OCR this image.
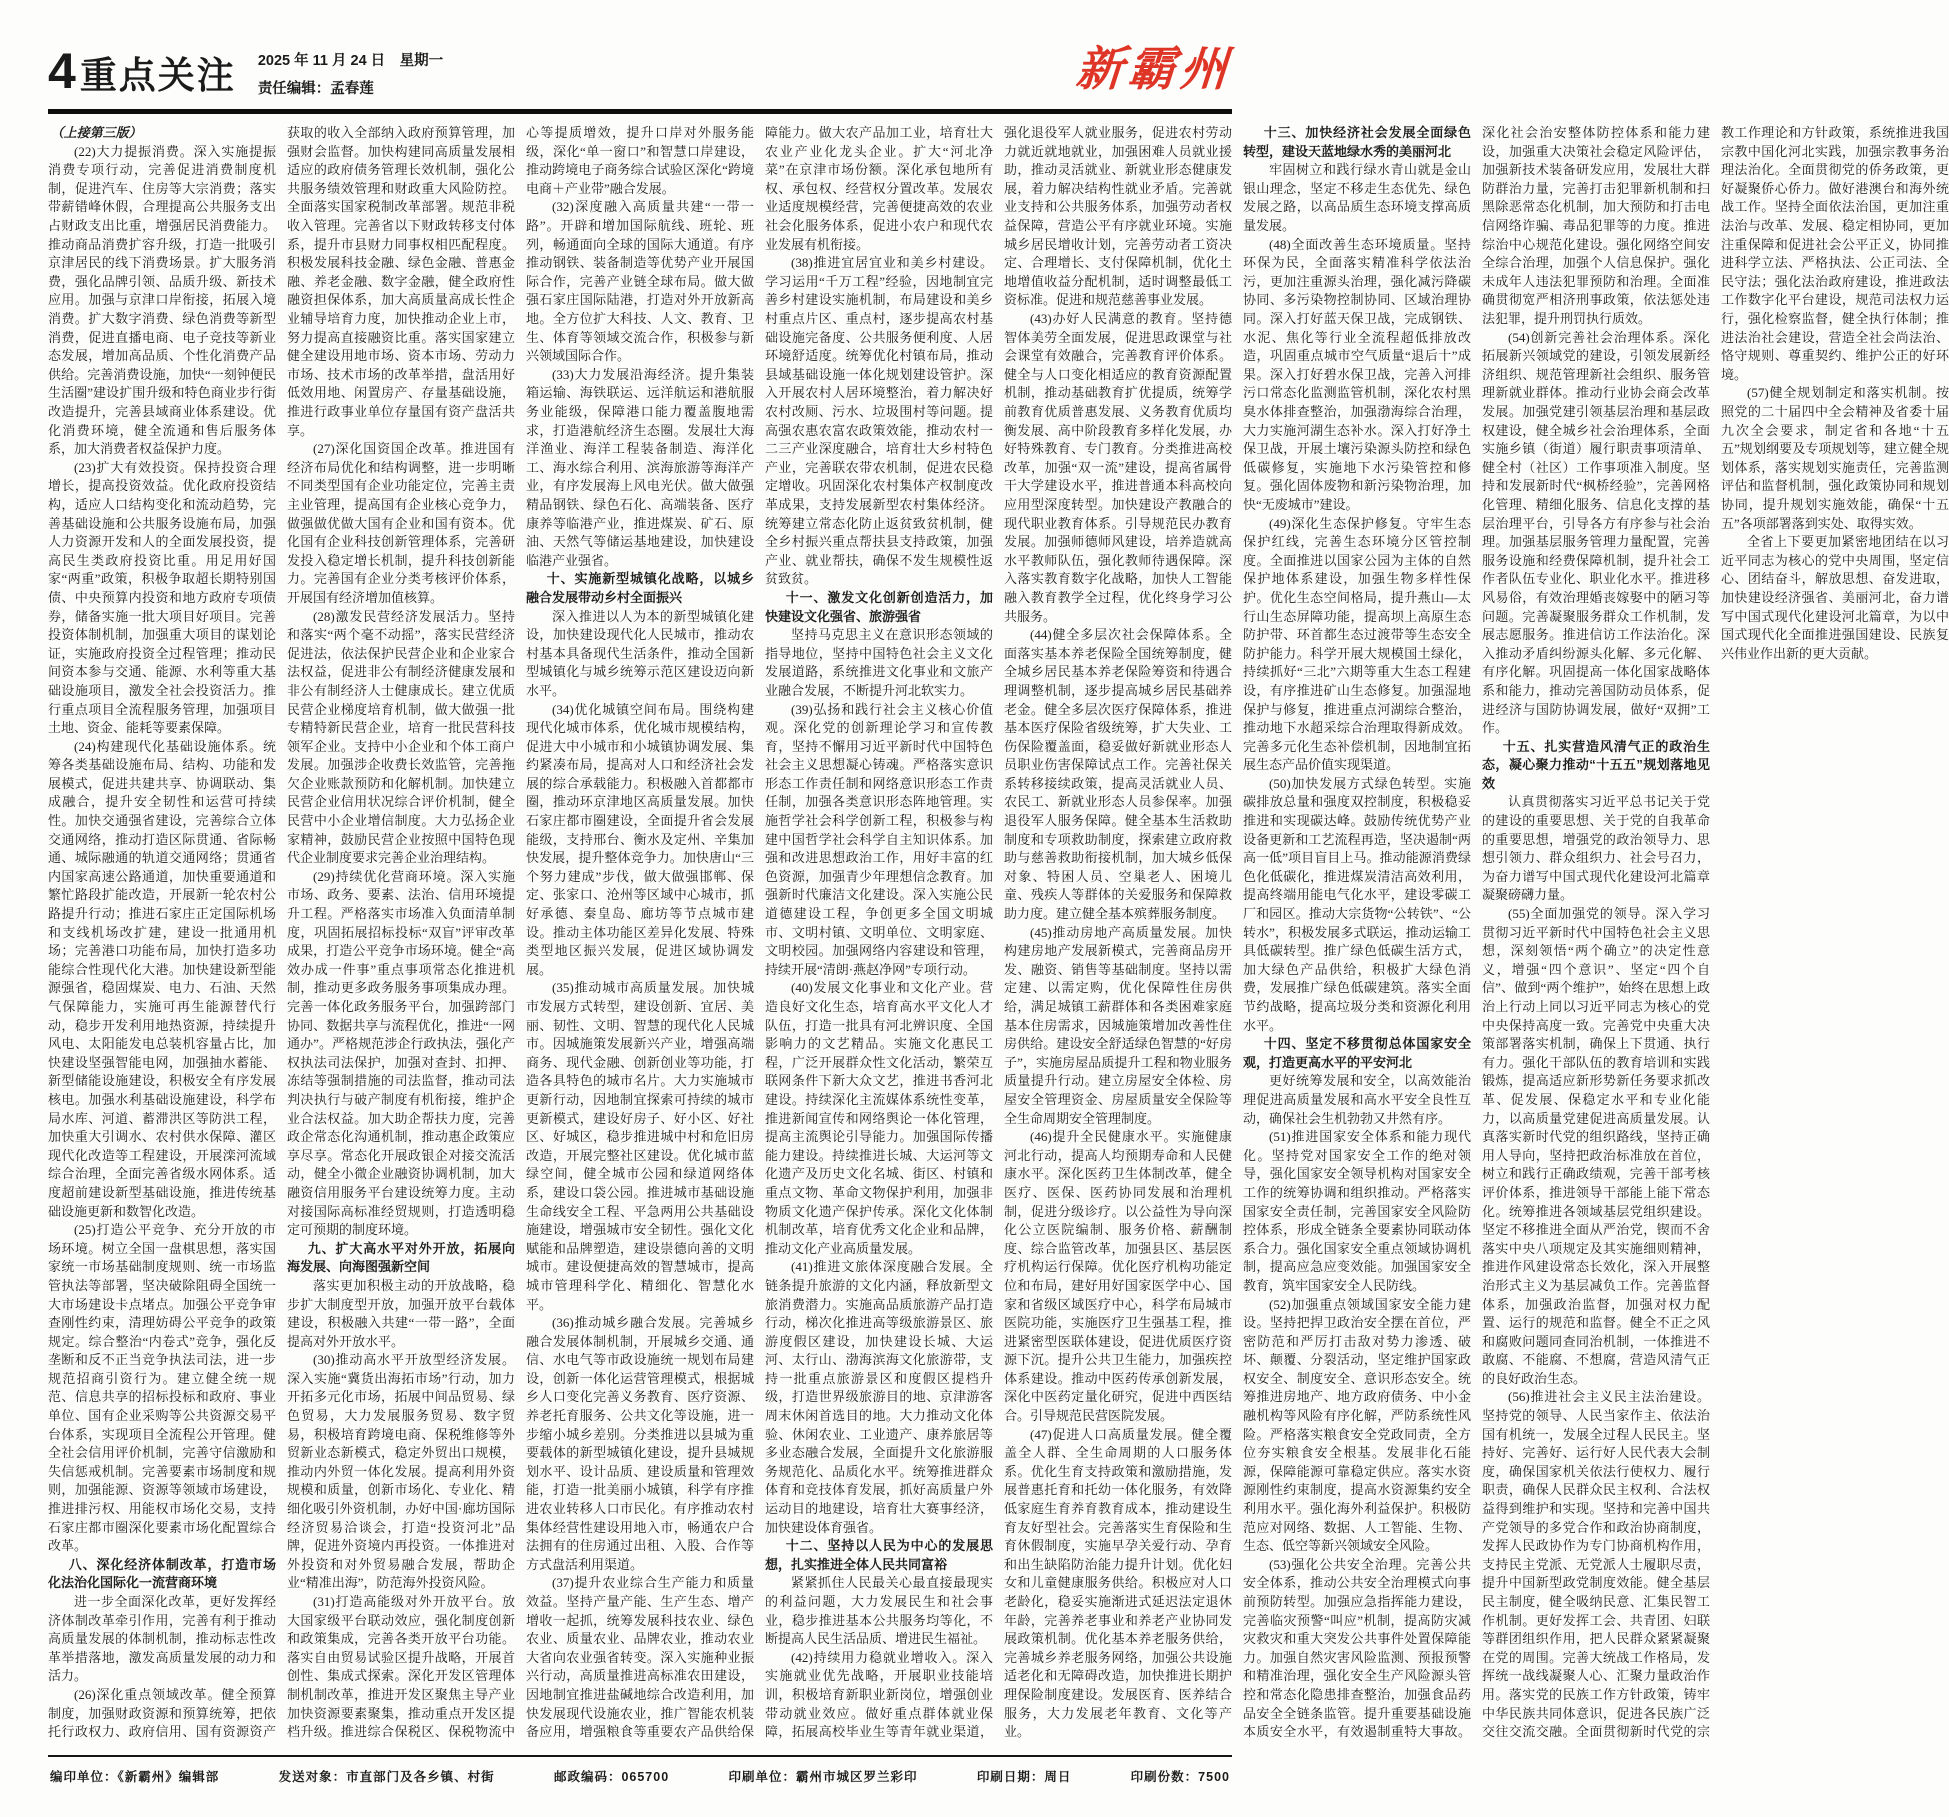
4 重点关注 2025 年 11 月 24 日　星期一
责任编辑：孟春莲	新霸州

（上接第三版）

(22)大力提振消费。深入实施提振消费专项行动，完善促进消费制度机制，促进汽车、住房等大宗消费；落实带薪错峰休假，合理提高公共服务支出占财政支出比重，增强居民消费能力。推动商品消费扩容升级，打造一批吸引京津居民的线下消费场景。扩大服务消费，强化品牌引领、品质升级、新技术应用。加强与京津口岸衔接，拓展入境消费。扩大数字消费、绿色消费等新型消费，促进直播电商、电子竞技等新业态发展，增加高品质、个性化消费产品供给。完善消费设施，加快“一刻钟便民生活圈”建设扩围升级和特色商业步行街改造提升，完善县域商业体系建设。优化消费环境，健全流通和售后服务体系，加大消费者权益保护力度。

(23)扩大有效投资。保持投资合理增长，提高投资效益。优化政府投资结构，适应人口结构变化和流动趋势，完善基础设施和公共服务设施布局，加强人力资源开发和人的全面发展投资，提高民生类政府投资比重。用足用好国家“两重”政策，积极争取超长期特别国债、中央预算内投资和地方政府专项债券，储备实施一批大项目好项目。完善投资体制机制，加强重大项目的谋划论证，实施政府投资全过程管理；推动民间资本参与交通、能源、水利等重大基础设施项目，激发全社会投资活力。推行重点项目全流程服务管理，加强项目土地、资金、能耗等要素保障。

(24)构建现代化基础设施体系。统筹各类基础设施布局、结构、功能和发展模式，促进共建共享、协调联动、集成融合，提升安全韧性和运营可持续性。加快交通强省建设，完善综合立体交通网络，推动打造区际贯通、省际畅通、城际融通的轨道交通网络；贯通省内国家高速公路通道，加快重要通道和繁忙路段扩能改造，开展新一轮农村公路提升行动；推进石家庄正定国际机场和支线机场改扩建，建设一批通用机场；完善港口功能布局，加快打造多功能综合性现代化大港。加快建设新型能源强省，稳固煤炭、电力、石油、天然气保障能力，实施可再生能源替代行动，稳步开发利用地热资源，持续提升风电、太阳能发电总装机容量占比，加快建设坚强智能电网，加强抽水蓄能、新型储能设施建设，积极安全有序发展核电。加强水利基础设施建设，科学布局水库、河道、蓄滞洪区等防洪工程，加快重大引调水、农村供水保障、灌区现代化改造等工程建设，开展滦河流域综合治理，全面完善省级水网体系。适度超前建设新型基础设施，推进传统基础设施更新和数智化改造。

(25)打造公平竞争、充分开放的市场环境。树立全国一盘棋思想，落实国家统一市场基础制度规则、统一市场监管执法等部署，坚决破除阻碍全国统一大市场建设卡点堵点。加强公平竞争审查刚性约束，清理妨碍公平竞争的政策规定。综合整治“内卷式”竞争，强化反垄断和反不正当竞争执法司法，进一步规范招商引资行为。建立健全统一规范、信息共享的招标投标和政府、事业单位、国有企业采购等公共资源交易平台体系，实现项目全流程公开管理。健全社会信用评价机制，完善守信激励和失信惩戒机制。完善要素市场制度和规则，加强能源、资源等领域市场建设，推进排污权、用能权市场化交易，支持石家庄都市圈深化要素市场化配置综合改革。

八、深化经济体制改革，打造市场化法治化国际化一流营商环境

进一步全面深化改革，更好发挥经济体制改革牵引作用，完善有利于推动高质量发展的体制机制，推动标志性改革举措落地，激发高质量发展的动力和活力。

(26)深化重点领域改革。健全预算制度，加强财政资源和预算统筹，把依托行政权力、政府信用、国有资源资产获取的收入全部纳入政府预算管理，加强财会监督。加快构建同高质量发展相适应的政府债务管理长效机制，强化公共服务绩效管理和财政重大风险防控。全面落实国家税制改革部署。规范非税收入管理。完善省以下财政转移支付体系，提升市县财力同事权相匹配程度。积极发展科技金融、绿色金融、普惠金融、养老金融、数字金融，健全政府性融资担保体系，加大高质量高成长性企业辅导培育力度，加快推动企业上市，努力提高直接融资比重。落实国家建立健全建设用地市场、资本市场、劳动力市场、技术市场的改革举措，盘活用好低效用地、闲置房产、存量基础设施，推进行政事业单位存量国有资产盘活共享。

(27)深化国资国企改革。推进国有经济布局优化和结构调整，进一步明晰不同类型国有企业功能定位，完善主责主业管理，提高国有企业核心竞争力，做强做优做大国有企业和国有资本。优化国有企业科技创新管理体系，完善研发投入稳定增长机制，提升科技创新能力。完善国有企业分类考核评价体系，开展国有经济增加值核算。

(28)激发民营经济发展活力。坚持和落实“两个毫不动摇”，落实民营经济促进法，依法保护民营企业和企业家合法权益，促进非公有制经济健康发展和非公有制经济人士健康成长。建立优质民营企业梯度培育机制，做大做强一批专精特新民营企业，培育一批民营科技领军企业。支持中小企业和个体工商户发展。加强涉企收费长效监管，完善拖欠企业账款预防和化解机制。加快建立民营企业信用状况综合评价机制，健全民营中小企业增信制度。大力弘扬企业家精神，鼓励民营企业按照中国特色现代企业制度要求完善企业治理结构。

(29)持续优化营商环境。深入实施市场、政务、要素、法治、信用环境提升工程。严格落实市场准入负面清单制度，巩固拓展招标投标“双盲”评审改革成果，打造公平竞争市场环境。健全“高效办成一件事”重点事项常态化推进机制，推动更多政务服务事项集成办理。完善一体化政务服务平台，加强跨部门协同、数据共享与流程优化，推进“一网通办”。严格规范涉企行政执法，强化产权执法司法保护，加强对查封、扣押、冻结等强制措施的司法监督，推动司法判决执行与破产制度有机衔接，维护企业合法权益。加大助企帮扶力度，完善政企常态化沟通机制，推动惠企政策应享尽享。常态化开展政银企对接交流活动，健全小微企业融资协调机制，加大融资信用服务平台建设统筹力度。主动对接国际高标准经贸规则，打造透明稳定可预期的制度环境。

九、扩大高水平对外开放，拓展向海发展、向海图强新空间

落实更加积极主动的开放战略，稳步扩大制度型开放，加强开放平台载体建设，积极融入共建“一带一路”，全面提高对外开放水平。

(30)推动高水平开放型经济发展。深入实施“冀货出海拓市场”行动，加力开拓多元化市场，拓展中间品贸易、绿色贸易，大力发展服务贸易、数字贸易，积极培育跨境电商、保税维修等外贸新业态新模式，稳定外贸出口规模，推动内外贸一体化发展。提高利用外资规模和质量，创新市场化、专业化、精细化吸引外资机制，办好中国·廊坊国际经济贸易洽谈会，打造“投资河北”品牌，促进外资境内再投资。一体推进对外投资和对外贸易融合发展，帮助企业“精准出海”，防范海外投资风险。

(31)打造高能级对外开放平台。放大国家级平台联动效应，强化制度创新和政策集成，完善各类开放平台功能。落实自由贸易试验区提升战略，开展首创性、集成式探索。深化开发区管理体制机制改革，推进开发区聚焦主导产业加快资源要素聚集，推动重点开发区提档升级。推进综合保税区、保税物流中心等提质增效，提升口岸对外服务能级，深化“单一窗口”和智慧口岸建设，推动跨境电子商务综合试验区深化“跨境电商＋产业带”融合发展。

(32)深度融入高质量共建“一带一路”。开辟和增加国际航线、班轮、班列，畅通面向全球的国际大通道。有序推动钢铁、装备制造等优势产业开展国际合作，完善产业链全球布局。做大做强石家庄国际陆港，打造对外开放新高地。全方位扩大科技、人文、教育、卫生、体育等领域交流合作，积极参与新兴领域国际合作。

(33)大力发展沿海经济。提升集装箱运输、海铁联运、远洋航运和港航服务业能级，保障港口能力覆盖腹地需求，打造港航经济生态圈。发展壮大海洋渔业、海洋工程装备制造、海洋化工、海水综合利用、滨海旅游等海洋产业，有序发展海上风电光伏。做大做强精品钢铁、绿色石化、高端装备、医疗康养等临港产业，推进煤炭、矿石、原油、天然气等储运基地建设，加快建设临港产业强省。

十、实施新型城镇化战略，以城乡融合发展带动乡村全面振兴

深入推进以人为本的新型城镇化建设，加快建设现代化人民城市，推动农村基本具备现代生活条件，推动全国新型城镇化与城乡统筹示范区建设迈向新水平。

(34)优化城镇空间布局。围绕构建现代化城市体系，优化城市规模结构，促进大中小城市和小城镇协调发展、集约紧凑布局，提高对人口和经济社会发展的综合承载能力。积极融入首都都市圈，推动环京津地区高质量发展。加快石家庄都市圈建设，全面提升省会发展能级，支持邢台、衡水及定州、辛集加快发展，提升整体竞争力。加快唐山“三个努力建成”步伐，做大做强邯郸、保定、张家口、沧州等区域中心城市，抓好承德、秦皇岛、廊坊等节点城市建设。推动主体功能区差异化发展、特殊类型地区振兴发展，促进区域协调发展。

(35)推动城市高质量发展。加快城市发展方式转型，建设创新、宜居、美丽、韧性、文明、智慧的现代化人民城市。因城施策发展新兴产业，增强高端商务、现代金融、创新创业等功能，打造各具特色的城市名片。大力实施城市更新行动，因地制宜探索可持续的城市更新模式，建设好房子、好小区、好社区、好城区，稳步推进城中村和危旧房改造，开展完整社区建设。优化城市蓝绿空间，健全城市公园和绿道网络体系，建设口袋公园。推进城市基础设施生命线安全工程、平急两用公共基础设施建设，增强城市安全韧性。强化文化赋能和品牌塑造，建设崇德向善的文明城市。建设便捷高效的智慧城市，提高城市管理科学化、精细化、智慧化水平。

(36)推动城乡融合发展。完善城乡融合发展体制机制，开展城乡交通、通信、水电气等市政设施统一规划布局建设，创新一体化运营管理模式，根据城乡人口变化完善义务教育、医疗资源、养老托育服务、公共文化等设施，进一步缩小城乡差别。分类推进以县城为重要载体的新型城镇化建设，提升县城规划水平、设计品质、建设质量和管理效能，打造一批美丽小城镇，科学有序推进农业转移人口市民化。有序推动农村集体经营性建设用地入市，畅通农户合法拥有的住房通过出租、入股、合作等方式盘活利用渠道。

(37)提升农业综合生产能力和质量效益。坚持产量产能、生产生态、增产增收一起抓，统筹发展科技农业、绿色农业、质量农业、品牌农业，推动农业大省向农业强省转变。深入实施种业振兴行动，高质量推进高标准农田建设，因地制宜推进盐碱地综合改造利用，加快发展现代设施农业，推广智能农机装备应用，增强粮食等重要农产品供给保障能力。做大农产品加工业，培育壮大农业产业化龙头企业。扩大“河北净菜”在京津市场份额。深化承包地所有权、承包权、经营权分置改革。发展农业适度规模经营，完善便捷高效的农业社会化服务体系，促进小农户和现代农业发展有机衔接。

(38)推进宜居宜业和美乡村建设。学习运用“千万工程”经验，因地制宜完善乡村建设实施机制，布局建设和美乡村重点片区、重点村，逐步提高农村基础设施完备度、公共服务便利度、人居环境舒适度。统筹优化村镇布局，推动县域基础设施一体化规划建设管护。深入开展农村人居环境整治，着力解决好农村改厕、污水、垃圾围村等问题。提高强农惠农富农政策效能，推动农村一二三产业深度融合，培育壮大乡村特色产业，完善联农带农机制，促进农民稳定增收。巩固深化农村集体产权制度改革成果，支持发展新型农村集体经济。统筹建立常态化防止返贫致贫机制，健全乡村振兴重点帮扶县支持政策，加强产业、就业帮扶，确保不发生规模性返贫致贫。

十一、激发文化创新创造活力，加快建设文化强省、旅游强省

坚持马克思主义在意识形态领域的指导地位，坚持中国特色社会主义文化发展道路，系统推进文化事业和文旅产业融合发展，不断提升河北软实力。

(39)弘扬和践行社会主义核心价值观。深化党的创新理论学习和宣传教育，坚持不懈用习近平新时代中国特色社会主义思想凝心铸魂。严格落实意识形态工作责任制和网络意识形态工作责任制，加强各类意识形态阵地管理。实施哲学社会科学创新工程，积极参与构建中国哲学社会科学自主知识体系。加强和改进思想政治工作，用好丰富的红色资源，加强青少年理想信念教育。加强新时代廉洁文化建设。深入实施公民道德建设工程，争创更多全国文明城市、文明村镇、文明单位、文明家庭、文明校园。加强网络内容建设和管理，持续开展“清朗·燕赵净网”专项行动。

(40)发展文化事业和文化产业。营造良好文化生态，培育高水平文化人才队伍，打造一批具有河北辨识度、全国影响力的文艺精品。实施文化惠民工程，广泛开展群众性文化活动，繁荣互联网条件下新大众文艺，推进书香河北建设。持续深化主流媒体系统性变革，推进新闻宣传和网络舆论一体化管理，提高主流舆论引导能力。加强国际传播能力建设。持续推进长城、大运河等文化遗产及历史文化名城、街区、村镇和重点文物、革命文物保护利用，加强非物质文化遗产保护传承。深化文化体制机制改革，培育优秀文化企业和品牌，推动文化产业高质量发展。

(41)推进文旅体深度融合发展。全链条提升旅游的文化内涵，释放新型文旅消费潜力。实施高品质旅游产品打造行动，梯次化推进高等级旅游景区、旅游度假区建设，加快建设长城、大运河、太行山、渤海滨海文化旅游带，支持一批重点旅游景区和度假区提档升级，打造世界级旅游目的地、京津游客周末休闲首选目的地。大力推动文化体验、休闲农业、工业遗产、康养旅居等多业态融合发展，全面提升文化旅游服务规范化、品质化水平。统筹推进群众体育和竞技体育发展，抓好高质量户外运动目的地建设，培育壮大赛事经济，加快建设体育强省。

十二、坚持以人民为中心的发展思想，扎实推进全体人民共同富裕

紧紧抓住人民最关心最直接最现实的利益问题，大力发展民生和社会事业，稳步推进基本公共服务均等化，不断提高人民生活品质、增进民生福祉。

(42)持续用力稳就业增收入。深入实施就业优先战略，开展职业技能培训，积极培育新职业新岗位，增强创业带动就业效应。做好重点群体就业保障，拓展高校毕业生等青年就业渠道，强化退役军人就业服务，促进农村劳动力就近就地就业，加强困难人员就业援助，推动灵活就业、新就业形态健康发展，着力解决结构性就业矛盾。完善就业支持和公共服务体系，加强劳动者权益保障，营造公平有序就业环境。实施城乡居民增收计划，完善劳动者工资决定、合理增长、支付保障机制，优化土地增值收益分配机制，适时调整最低工资标准。促进和规范慈善事业发展。

(43)办好人民满意的教育。坚持德智体美劳全面发展，促进思政课堂与社会课堂有效融合，完善教育评价体系。健全与人口变化相适应的教育资源配置机制，推动基础教育扩优提质，统筹学前教育优质普惠发展、义务教育优质均衡发展、高中阶段教育多样化发展，办好特殊教育、专门教育。分类推进高校改革，加强“双一流”建设，提高省属骨干大学建设水平，推进普通本科高校向应用型深度转型。加快建设产教融合的现代职业教育体系。引导规范民办教育发展。加强师德师风建设，培养造就高水平教师队伍，强化教师待遇保障。深入落实教育数字化战略，加快人工智能融入教育教学全过程，优化终身学习公共服务。

(44)健全多层次社会保障体系。全面落实基本养老保险全国统筹制度，健全城乡居民基本养老保险筹资和待遇合理调整机制，逐步提高城乡居民基础养老金。健全多层次医疗保障体系，推进基本医疗保险省级统筹，扩大失业、工伤保险覆盖面，稳妥做好新就业形态人员职业伤害保障试点工作。完善社保关系转移接续政策，提高灵活就业人员、农民工、新就业形态人员参保率。加强退役军人服务保障。健全基本生活救助制度和专项救助制度，探索建立政府救助与慈善救助衔接机制，加大城乡低保对象、特困人员、空巢老人、困境儿童、残疾人等群体的关爱服务和保障救助力度。建立健全基本殡葬服务制度。

(45)推动房地产高质量发展。加快构建房地产发展新模式，完善商品房开发、融资、销售等基础制度。坚持以需定建、以需定购，优化保障性住房供给，满足城镇工薪群体和各类困难家庭基本住房需求，因城施策增加改善性住房供给。建设安全舒适绿色智慧的“好房子”，实施房屋品质提升工程和物业服务质量提升行动。建立房屋安全体检、房屋安全管理资金、房屋质量安全保险等全生命周期安全管理制度。

(46)提升全民健康水平。实施健康河北行动，提高人均预期寿命和人民健康水平。深化医药卫生体制改革，健全医疗、医保、医药协同发展和治理机制，促进分级诊疗。以公益性为导向深化公立医院编制、服务价格、薪酬制度、综合监管改革，加强县区、基层医疗机构运行保障。优化医疗机构功能定位和布局，建好用好国家医学中心、国家和省级区域医疗中心，科学布局城市医院功能，实施医疗卫生强基工程，推进紧密型医联体建设，促进优质医疗资源下沉。提升公共卫生能力，加强疾控体系建设。推动中医药传承创新发展，深化中医药定量化研究，促进中西医结合。引导规范民营医院发展。

(47)促进人口高质量发展。健全覆盖全人群、全生命周期的人口服务体系。优化生育支持政策和激励措施，发展普惠托育和托幼一体化服务，有效降低家庭生育养育教育成本，推动建设生育友好型社会。完善落实生育保险和生育休假制度，实施早孕关爱行动、孕育和出生缺陷防治能力提升计划。优化妇女和儿童健康服务供给。积极应对人口老龄化，稳妥实施渐进式延迟法定退休年龄，完善养老事业和养老产业协同发展政策机制。优化基本养老服务供给，完善城乡养老服务网络，加强公共设施适老化和无障碍改造，加快推进长期护理保险制度建设。发展医育、医养结合服务，大力发展老年教育、文化等产业。

十三、加快经济社会发展全面绿色转型，建设天蓝地绿水秀的美丽河北

牢固树立和践行绿水青山就是金山银山理念，坚定不移走生态优先、绿色发展之路，以高品质生态环境支撑高质量发展。

(48)全面改善生态环境质量。坚持环保为民，全面落实精准科学依法治污，更加注重源头治理，强化减污降碳协同、多污染物控制协同、区域治理协同。深入打好蓝天保卫战，完成钢铁、水泥、焦化等行业全流程超低排放改造，巩固重点城市空气质量“退后十”成果。深入打好碧水保卫战，完善入河排污口常态化监测监管机制，深化农村黑臭水体排查整治，加强渤海综合治理，大力实施河湖生态补水。深入打好净土保卫战，开展土壤污染源头防控和绿色低碳修复，实施地下水污染管控和修复。强化固体废物和新污染物治理，加快“无废城市”建设。

(49)深化生态保护修复。守牢生态保护红线，完善生态环境分区管控制度。全面推进以国家公园为主体的自然保护地体系建设，加强生物多样性保护。优化生态空间格局，提升燕山—太行山生态屏障功能，提高坝上高原生态防护带、环首都生态过渡带等生态安全防护能力。科学开展大规模国土绿化，持续抓好“三北”六期等重大生态工程建设，有序推进矿山生态修复。加强湿地保护与修复，推进重点河湖综合整治，推动地下水超采综合治理取得新成效。完善多元化生态补偿机制，因地制宜拓展生态产品价值实现渠道。

(50)加快发展方式绿色转型。实施碳排放总量和强度双控制度，积极稳妥推进和实现碳达峰。鼓励传统优势产业设备更新和工艺流程再造，坚决遏制“两高一低”项目盲目上马。推动能源消费绿色化低碳化，推进煤炭清洁高效利用，提高终端用能电气化水平，建设零碳工厂和园区。推动大宗货物“公转铁”、“公转水”，积极发展多式联运，推动运输工具低碳转型。推广绿色低碳生活方式，加大绿色产品供给，积极扩大绿色消费，发展推广绿色低碳建筑。落实全面节约战略，提高垃圾分类和资源化利用水平。

十四、坚定不移贯彻总体国家安全观，打造更高水平的平安河北

更好统筹发展和安全，以高效能治理促进高质量发展和高水平安全良性互动，确保社会生机勃勃又井然有序。

(51)推进国家安全体系和能力现代化。坚持党对国家安全工作的绝对领导，强化国家安全领导机构对国家安全工作的统筹协调和组织推动。严格落实国家安全责任制，完善国家安全风险防控体系，形成全链条全要素协同联动体系合力。强化国家安全重点领域协调机制，提高应急应变效能。加强国家安全教育，筑牢国家安全人民防线。

(52)加强重点领域国家安全能力建设。坚持把捍卫政治安全摆在首位，严密防范和严厉打击敌对势力渗透、破坏、颠覆、分裂活动，坚定维护国家政权安全、制度安全、意识形态安全。统筹推进房地产、地方政府债务、中小金融机构等风险有序化解，严防系统性风险。严格落实粮食安全党政同责，全方位夯实粮食安全根基。发展非化石能源，保障能源可靠稳定供应。落实水资源刚性约束制度，提高水资源集约安全利用水平。强化海外利益保护。积极防范应对网络、数据、人工智能、生物、生态、低空等新兴领域安全风险。

(53)强化公共安全治理。完善公共安全体系，推动公共安全治理模式向事前预防转型。加强应急指挥能力建设，完善临灾预警“叫应”机制，提高防灾减灾救灾和重大突发公共事件处置保障能力。加强自然灾害风险监测、预报预警和精准治理，强化安全生产风险源头管控和常态化隐患排查整治，加强食品药品安全全链条监管。提升重要基础设施本质安全水平，有效遏制重特大事故。深化社会治安整体防控体系和能力建设，加强重大决策社会稳定风险评估，加强新技术装备研发应用，发展壮大群防群治力量，完善打击犯罪新机制和扫黑除恶常态化机制，加大预防和打击电信网络诈骗、毒品犯罪等的力度。推进综治中心规范化建设。强化网络空间安全综合治理，加强个人信息保护。强化未成年人违法犯罪预防和治理。全面准确贯彻宽严相济刑事政策，依法惩处违法犯罪，提升刑罚执行质效。

(54)创新完善社会治理体系。深化拓展新兴领域党的建设，引领发展新经济组织、规范管理新社会组织、服务管理新就业群体。推动行业协会商会改革发展。加强党建引领基层治理和基层政权建设，健全城乡社会治理体系，全面实施乡镇（街道）履行职责事项清单、健全村（社区）工作事项准入制度。坚持和发展新时代“枫桥经验”，完善网格化管理、精细化服务、信息化支撑的基层治理平台，引导各方有序参与社会治理。加强基层服务管理力量配置，完善服务设施和经费保障机制，提升社会工作者队伍专业化、职业化水平。推进移风易俗，有效治理婚丧嫁娶中的陋习等问题。完善凝聚服务群众工作机制，发展志愿服务。推进信访工作法治化。深入推动矛盾纠纷源头化解、多元化解、有序化解。巩固提高一体化国家战略体系和能力，推动完善国防动员体系，促进经济与国防协调发展，做好“双拥”工作。

十五、扎实营造风清气正的政治生态，凝心聚力推动“十五五”规划落地见效

认真贯彻落实习近平总书记关于党的建设的重要思想、关于党的自我革命的重要思想，增强党的政治领导力、思想引领力、群众组织力、社会号召力，为奋力谱写中国式现代化建设河北篇章凝聚磅礴力量。

(55)全面加强党的领导。深入学习贯彻习近平新时代中国特色社会主义思想，深刻领悟“两个确立”的决定性意义，增强“四个意识”、坚定“四个自信”、做到“两个维护”，始终在思想上政治上行动上同以习近平同志为核心的党中央保持高度一致。完善党中央重大决策部署落实机制，确保上下贯通、执行有力。强化干部队伍的教育培训和实践锻炼，提高适应新形势新任务要求抓改革、促发展、保稳定水平和专业化能力，以高质量党建促进高质量发展。认真落实新时代党的组织路线，坚持正确用人导向，坚持把政治标准放在首位，树立和践行正确政绩观，完善干部考核评价体系，推进领导干部能上能下常态化。统筹推进各领域基层党组织建设。坚定不移推进全面从严治党，锲而不舍落实中央八项规定及其实施细则精神，推进作风建设常态长效化，深入开展整治形式主义为基层减负工作。完善监督体系，加强政治监督，加强对权力配置、运行的规范和监督。健全不正之风和腐败问题同查同治机制，一体推进不敢腐、不能腐、不想腐，营造风清气正的良好政治生态。

(56)推进社会主义民主法治建设。坚持党的领导、人民当家作主、依法治国有机统一，发展全过程人民民主。坚持好、完善好、运行好人民代表大会制度，确保国家机关依法行使权力、履行职责，确保人民群众民主权利、合法权益得到维护和实现。坚持和完善中国共产党领导的多党合作和政治协商制度，发挥人民政协作为专门协商机构作用，支持民主党派、无党派人士履职尽责，提升中国新型政党制度效能。健全基层民主制度，健全吸纳民意、汇集民智工作机制。更好发挥工会、共青团、妇联等群团组织作用，把人民群众紧紧凝聚在党的周围。完善大统战工作格局，发挥统一战线凝聚人心、汇聚力量政治作用。落实党的民族工作方针政策，铸牢中华民族共同体意识，促进各民族广泛交往交流交融。全面贯彻新时代党的宗教工作理论和方针政策，系统推进我国宗教中国化河北实践，加强宗教事务治理法治化。全面贯彻党的侨务政策，更好凝聚侨心侨力。做好港澳台和海外统战工作。坚持全面依法治国，更加注重法治与改革、发展、稳定相协同，更加注重保障和促进社会公平正义，协同推进科学立法、严格执法、公正司法、全民守法；强化法治政府建设，推进政法工作数字化平台建设，规范司法权力运行，强化检察监督，健全执行体制；推进法治社会建设，营造全社会尚法治、恪守规则、尊重契约、维护公正的好环境。

(57)健全规划制定和落实机制。按照党的二十届四中全会精神及省委十届九次全会要求，制定省和各地“十五五”规划纲要及专项规划等，建立健全规划体系，落实规划实施责任，完善监测评估和监督机制，强化政策协同和规划协同，提升规划实施效能，确保“十五五”各项部署落到实处、取得实效。

全省上下要更加紧密地团结在以习近平同志为核心的党中央周围，坚定信心、团结奋斗，解放思想、奋发进取，加快建设经济强省、美丽河北，奋力谱写中国式现代化建设河北篇章，为以中国式现代化全面推进强国建设、民族复兴伟业作出新的更大贡献。

编印单位：《新霸州》编辑部	发送对象：市直部门及各乡镇、村街	邮政编码：065700	印刷单位：霸州市城区罗兰彩印	印刷日期：周日	印刷份数：7500
